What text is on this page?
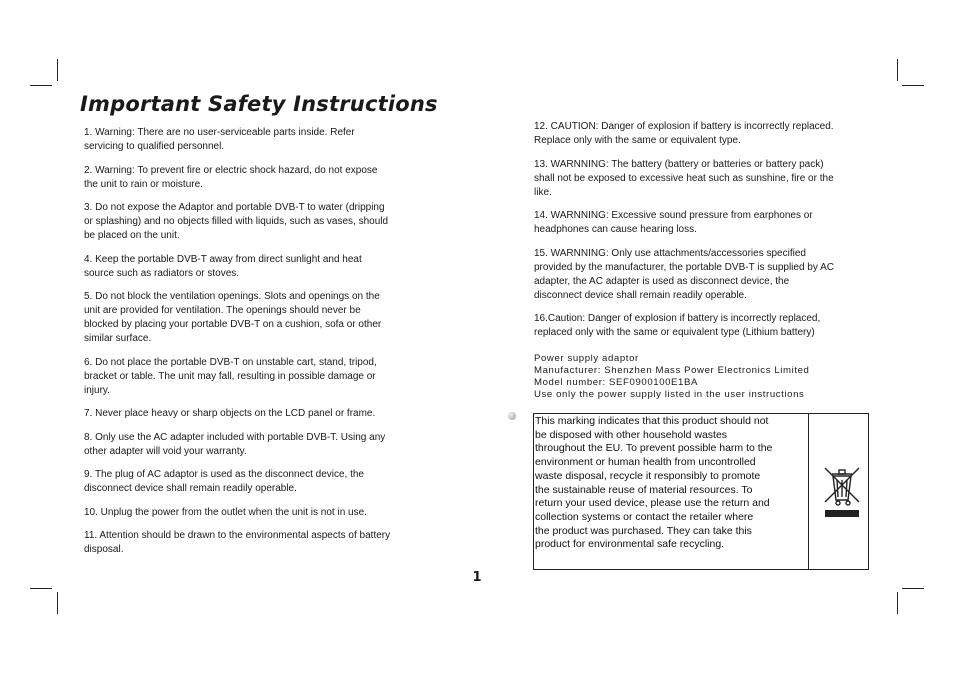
Important Safety Instructions
1. Warning: There are no user-serviceable parts inside. Refer servicing to qualified personnel.
2. Warning: To prevent fire or electric shock hazard, do not expose the unit to rain or moisture.
3. Do not expose the Adaptor and portable DVB-T to water (dripping or splashing) and no objects filled with liquids, such as vases, should be placed on the unit.
4. Keep the portable DVB-T away from direct sunlight and heat source such as radiators or stoves.
5. Do not block the ventilation openings. Slots and openings on the unit are provided for ventilation. The openings should never be blocked by placing your portable DVB-T on a cushion, sofa or other similar surface.
6. Do not place the portable DVB-T on unstable cart, stand, tripod, bracket or table. The unit may fall, resulting in possible damage or injury.
7. Never place heavy or sharp objects on the LCD panel or frame.
8. Only use the AC adapter included with portable DVB-T. Using any other adapter will void your warranty.
9. The plug of AC adaptor is used as the disconnect device, the disconnect device shall remain readily operable.
10. Unplug the power from the outlet when the unit is not in use.
11. Attention should be drawn to the environmental aspects of battery disposal.
12. CAUTION: Danger of explosion if battery is incorrectly replaced. Replace only with the same or equivalent type.
13. WARNNING: The battery (battery or batteries or battery pack) shall not be exposed to excessive heat such as sunshine, fire or the like.
14. WARNNING: Excessive sound pressure from earphones or headphones can cause hearing loss.
15. WARNNING: Only use attachments/accessories specified provided by the manufacturer, the portable DVB-T is supplied by AC adapter, the AC adapter is used as disconnect device, the disconnect device shall remain readily operable.
16.Caution: Danger of explosion if battery is incorrectly replaced, replaced only with the same or equivalent type (Lithium battery)
Power supply adaptor
Manufacturer: Shenzhen Mass Power Electronics Limited
Model number: SEF0900100E1BA
Use only the power supply listed in the user instructions
This marking indicates that this product should not
be disposed with other household wastes
throughout the EU. To prevent possible harm to the
environment or human health from uncontrolled
waste disposal, recycle it responsibly to promote
the sustainable reuse of material resources. To
return your used device, please use the return and
collection systems or contact the retailer where
the product was purchased. They can take this
product for environmental safe recycling.
1
